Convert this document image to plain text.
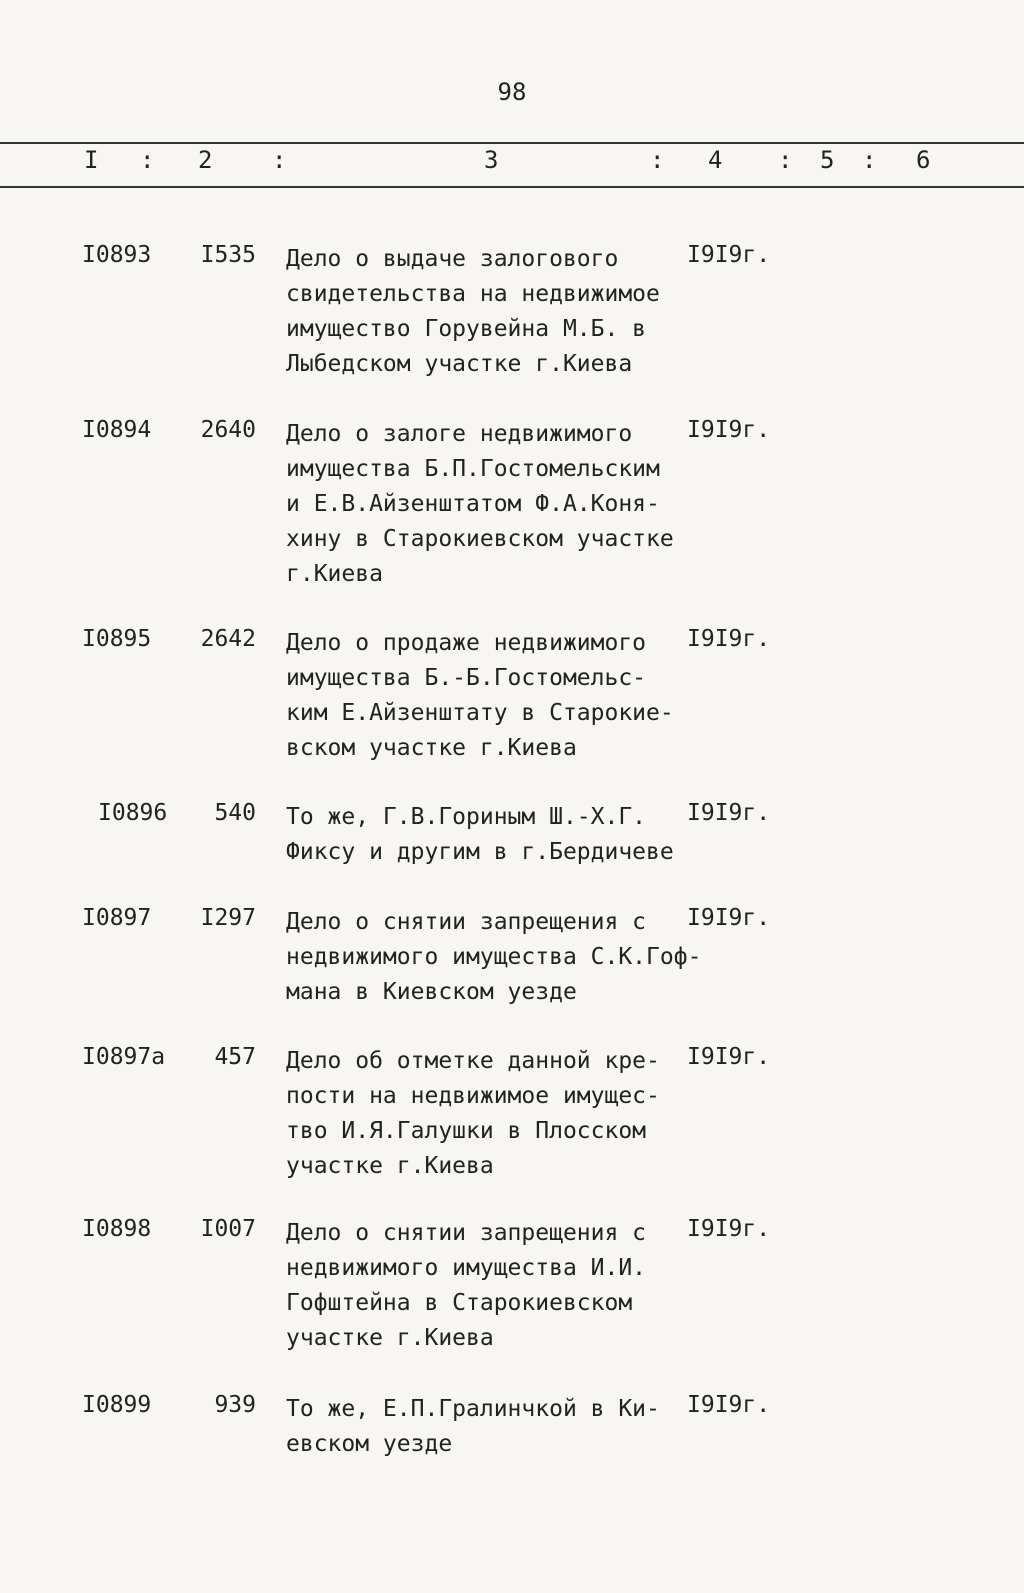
98
I : 2 :	3	: 4 : 5 : 6
I0893 I535 Дело о выдаче залогового
свидетельства на недвижимое
имущество Горувейна М.Б. в
Лыбедском участке г.Киева
I9I9г.
I0894 2640 Дело о залоге недвижимого
имущества Б.П.Гостомельским
и Е.В.Айзенштатом Ф.А.Коня-
хину в Старокиевском участке
г.Киева
I9I9г.
I0895 2642 Дело о продаже недвижимого
имущества Б.-Б.Гостомельс-
ким Е.Айзенштату в Старокие-
вском участке г.Киева
I9I9г.
I0896	540 То же, Г.В.Гориным Ш.-Х.Г.
Фиксу и другим в г.Бердичеве
I9I9г.
I0897 I297 Дело о снятии запрещения с
недвижимого имущества С.К.Гоф-
мана в Киевском уезде
I9I9г.
I0897а	457 Дело об отметке данной кре-
пости на недвижимое имущес-
тво И.Я.Галушки в Плосском
участке г.Киева
I9I9г.
I0898 I007 Дело о снятии запрещения с
недвижимого имущества И.И.
Гофштейна в Старокиевском
участке г.Киева
I9I9г.
I0899	939 То же, Е.П.Гралинчкой в Ки-
евском уезде
I9I9г.
